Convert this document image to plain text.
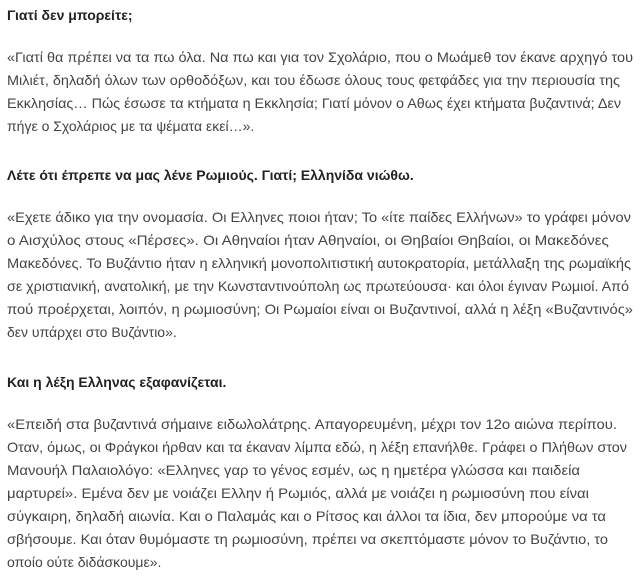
Γιατί δεν μπορείτε;

«Γιατί θα πρέπει να τα πω όλα. Να πω και για τον Σχολάριο, που ο Μωάμεθ τον έκανε αρχηγό του
Μιλιέτ, δηλαδή όλων των ορθοδόξων, και του έδωσε όλους τους φετφάδες για την περιουσία της
Εκκλησίας… Πώς έσωσε τα κτήματα η Εκκλησία; Γιατί μόνον ο Αθως έχει κτήματα βυζαντινά; Δεν
πήγε ο Σχολάριος με τα ψέματα εκεί…».

Λέτε ότι έπρεπε να μας λένε Ρωμιούς. Γιατί; Ελληνίδα νιώθω.

«Εχετε άδικο για την ονομασία. Οι Ελληνες ποιοι ήταν; Το «ίτε παίδες Ελλήνων» το γράφει μόνον
ο Αισχύλος στους «Πέρσες». Οι Αθηναίοι ήταν Αθηναίοι, οι Θηβαίοι Θηβαίοι, οι Μακεδόνες
Μακεδόνες. Το Βυζάντιο ήταν η ελληνική μονοπολιτιστική αυτοκρατορία, μετάλλαξη της ρωμαϊκής
σε χριστιανική, ανατολική, με την Κωνσταντινούπολη ως πρωτεύουσα· και όλοι έγιναν Ρωμιοί. Από
πού προέρχεται, λοιπόν, η ρωμιοσύνη; Οι Ρωμαίοι είναι οι Βυζαντινοί, αλλά η λέξη «Βυζαντινός»
δεν υπάρχει στο Βυζάντιο».

Και η λέξη Ελληνας εξαφανίζεται.

«Επειδή στα βυζαντινά σήμαινε ειδωλολάτρης. Απαγορευμένη, μέχρι τον 12ο αιώνα περίπου.
Οταν, όμως, οι Φράγκοι ήρθαν και τα έκαναν λίμπα εδώ, η λέξη επανήλθε. Γράφει ο Πλήθων στον
Μανουήλ Παλαιολόγο: «Ελληνες γαρ το γένος εσμέν, ως η ημετέρα γλώσσα και παιδεία
μαρτυρεί». Εμένα δεν με νοιάζει Ελλην ή Ρωμιός, αλλά με νοιάζει η ρωμιοσύνη που είναι
σύγκαιρη, δηλαδή αιωνία. Και ο Παλαμάς και ο Ρίτσος και άλλοι τα ίδια, δεν μπορούμε να τα
σβήσουμε. Και όταν θυμόμαστε τη ρωμιοσύνη, πρέπει να σκεπτόμαστε μόνον το Βυζάντιο, το
οποίο ούτε διδάσκουμε».
